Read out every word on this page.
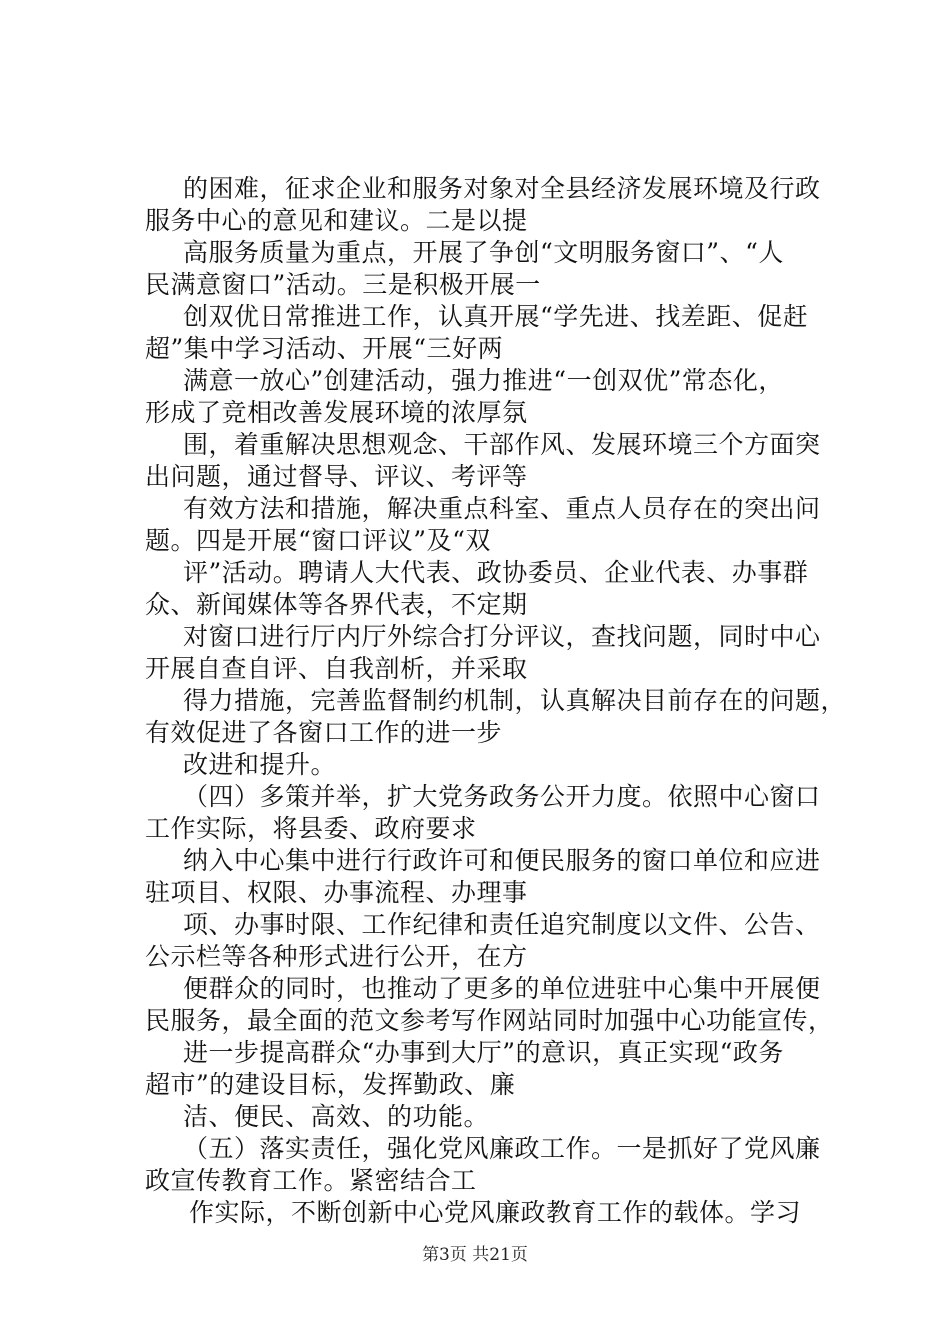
的困难，征求企业和服务对象对全县经济发展环境及行政
服务中心的意见和建议。二是以提
高服务质量为重点，开展了争创“文明服务窗口”、“人
民满意窗口”活动。三是积极开展一
创双优日常推进工作，认真开展“学先进、找差距、促赶
超”集中学习活动、开展“三好两
满意一放心”创建活动，强力推进“一创双优”常态化，
形成了竞相改善发展环境的浓厚氛
围，着重解决思想观念、干部作风、发展环境三个方面突
出问题，通过督导、评议、考评等
有效方法和措施，解决重点科室、重点人员存在的突出问
题。四是开展“窗口评议”及“双
评”活动。聘请人大代表、政协委员、企业代表、办事群
众、新闻媒体等各界代表，不定期
对窗口进行厅内厅外综合打分评议，查找问题，同时中心
开展自查自评、自我剖析，并采取
得力措施，完善监督制约机制，认真解决目前存在的问题，
有效促进了各窗口工作的进一步
改进和提升。
（四）多策并举，扩大党务政务公开力度。依照中心窗口
工作实际，将县委、政府要求
纳入中心集中进行行政许可和便民服务的窗口单位和应进
驻项目、权限、办事流程、办理事
项、办事时限、工作纪律和责任追究制度以文件、公告、
公示栏等各种形式进行公开，在方
便群众的同时，也推动了更多的单位进驻中心集中开展便
民服务，最全面的范文参考写作网站同时加强中心功能宣传，
进一步提高群众“办事到大厅”的意识，真正实现“政务
超市”的建设目标，发挥勤政、廉
洁、便民、高效、的功能。
（五）落实责任，强化党风廉政工作。一是抓好了党风廉
政宣传教育工作。紧密结合工
作实际，不断创新中心党风廉政教育工作的载体。学习
第3页 共21页
